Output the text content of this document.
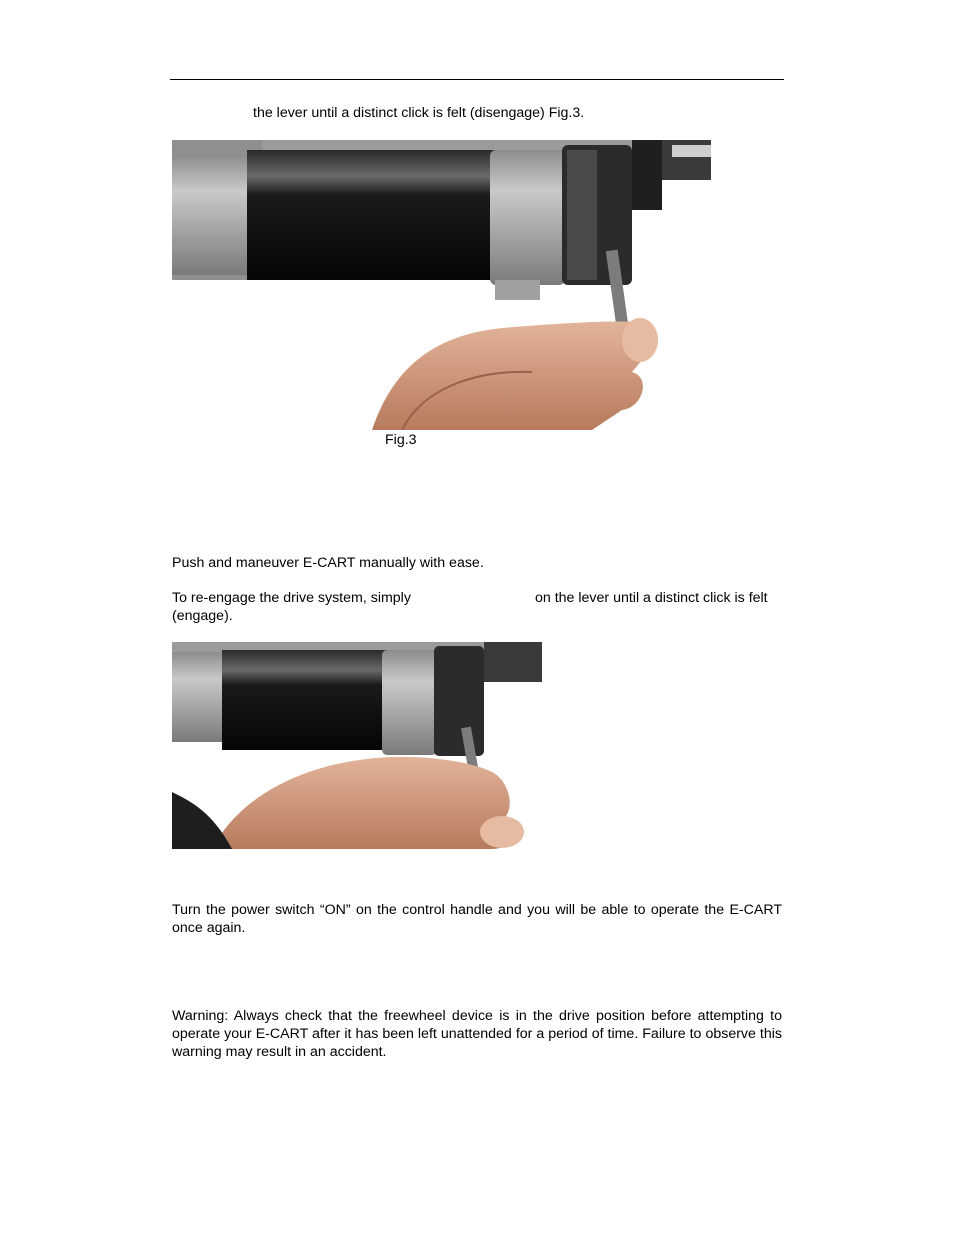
the lever until a distinct click is felt (disengage) Fig.3.
Fig.3
Push and maneuver E-CART manually with ease.
To re-engage the drive system, simply	on the lever until a distinct click is felt
(engage).
Turn the power switch “ON” on the control handle and you will be able to operate the E-CART once again.
Warning: Always check that the freewheel device is in the drive position before attempting to operate your E-CART after it has been left unattended for a period of time. Failure to observe this warning may result in an accident.
